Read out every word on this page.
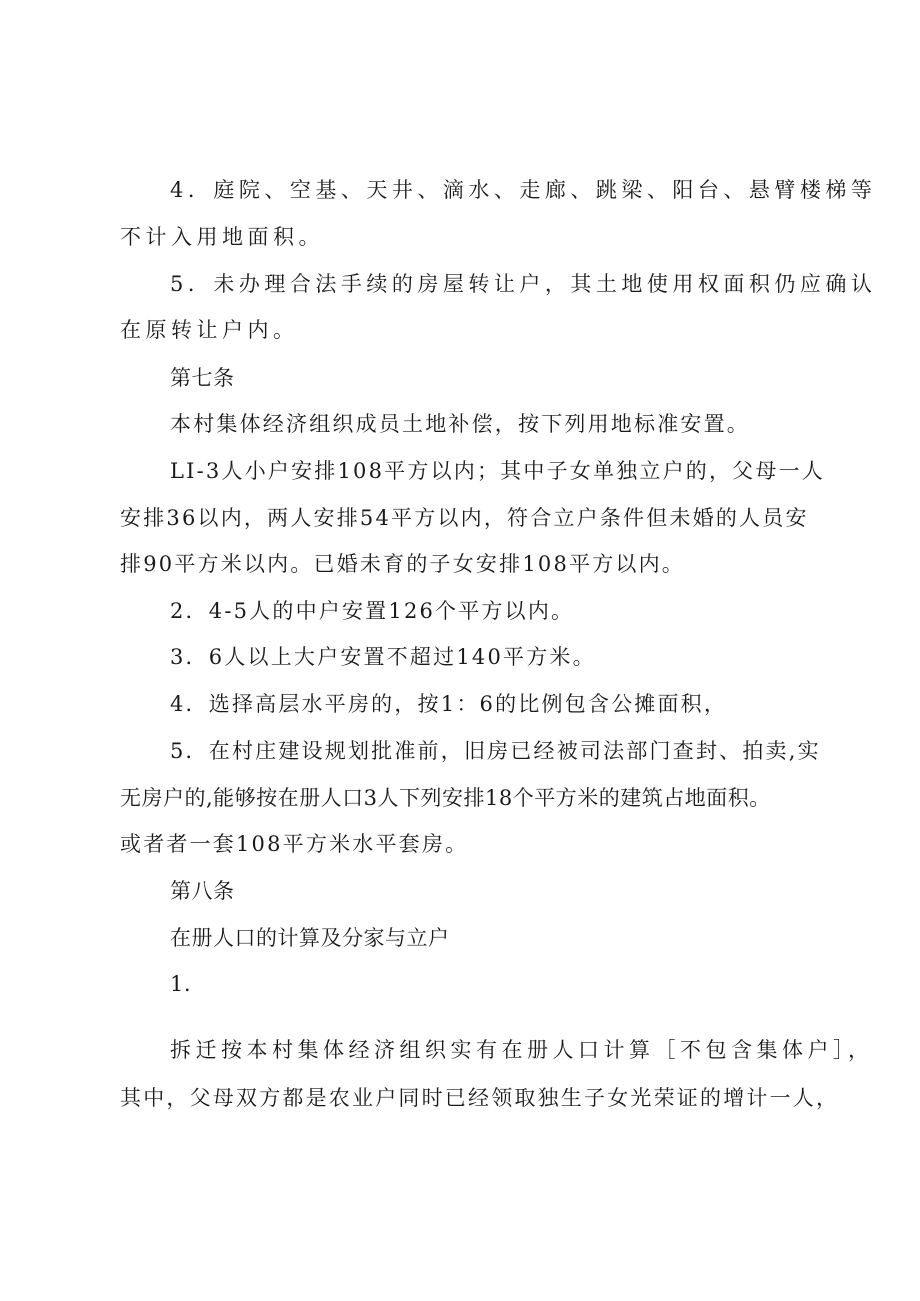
4．庭院、空基、天井、滴水、走廊、跳梁、阳台、悬臂楼梯等
不计入用地面积。
5．未办理合法手续的房屋转让户，其土地使用权面积仍应确认
在原转让户内。
第七条
本村集体经济组织成员土地补偿，按下列用地标准安置。
LI-3人小户安排108平方以内；其中子女单独立户的，父母一人
安排36以内，两人安排54平方以内，符合立户条件但未婚的人员安
排90平方米以内。已婚未育的子女安排108平方以内。
2．4-5人的中户安置126个平方以内。
3．6人以上大户安置不超过140平方米。
4．选择高层水平房的，按1：6的比例包含公摊面积，
5．在村庄建设规划批准前，旧房已经被司法部门查封、拍卖,实
无房户的,能够按在册人口3人下列安排18个平方米的建筑占地面积。
或者者一套108平方米水平套房。
第八条
在册人口的计算及分家与立户
1.
拆迁按本村集体经济组织实有在册人口计算［不包含集体户］，
其中，父母双方都是农业户同时已经领取独生子女光荣证的增计一人，
